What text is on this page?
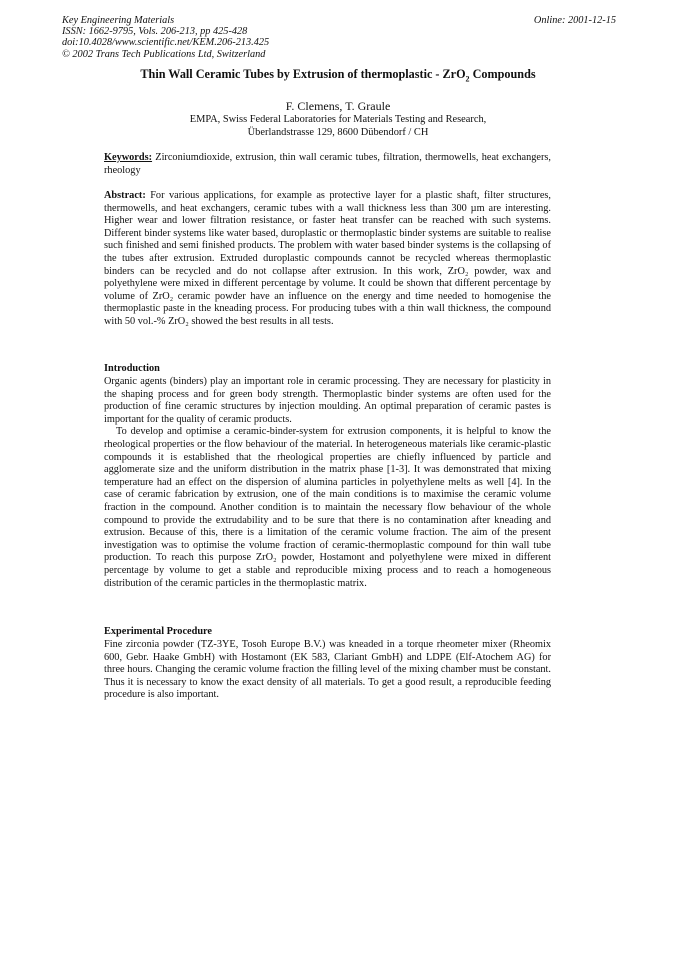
Key Engineering Materials
ISSN: 1662-9795, Vols. 206-213, pp 425-428
doi:10.4028/www.scientific.net/KEM.206-213.425
© 2002 Trans Tech Publications Ltd, Switzerland
Online: 2001-12-15
Thin Wall Ceramic Tubes by Extrusion of thermoplastic - ZrO$_2$ Compounds
F. Clemens, T. Graule
EMPA, Swiss Federal Laboratories for Materials Testing and Research,
Überlandstrasse 129, 8600 Dübendorf / CH
Keywords: Zirconiumdioxide, extrusion, thin wall ceramic tubes, filtration, thermowells, heat exchangers, rheology
Abstract: For various applications, for example as protective layer for a plastic shaft, filter structures, thermowells, and heat exchangers, ceramic tubes with a wall thickness less than 300 µm are interesting. Higher wear and lower filtration resistance, or faster heat transfer can be reached with such systems. Different binder systems like water based, duroplastic or thermoplastic binder systems are suitable to realise such finished and semi finished products. The problem with water based binder systems is the collapsing of the tubes after extrusion. Extruded duroplastic compounds cannot be recycled whereas thermoplastic binders can be recycled and do not collapse after extrusion. In this work, ZrO₂ powder, wax and polyethylene were mixed in different percentage by volume. It could be shown that different percentage by volume of ZrO₂ ceramic powder have an influence on the energy and time needed to homogenise the thermoplastic paste in the kneading process. For producing tubes with a thin wall thickness, the compound with 50 vol.-% ZrO₂ showed the best results in all tests.
Introduction

Organic agents (binders) play an important role in ceramic processing. They are necessary for plasticity in the shaping process and for green body strength. Thermoplastic binder systems are often used for the production of fine ceramic structures by injection moulding. An optimal preparation of ceramic pastes is important for the quality of ceramic products.

To develop and optimise a ceramic-binder-system for extrusion components, it is helpful to know the rheological properties or the flow behaviour of the material. In heterogeneous materials like ceramic-plastic compounds it is established that the rheological properties are chiefly influenced by particle and agglomerate size and the uniform distribution in the matrix phase [1-3]. It was demonstrated that mixing temperature had an effect on the dispersion of alumina particles in polyethylene melts as well [4]. In the case of ceramic fabrication by extrusion, one of the main conditions is to maximise the ceramic volume fraction in the compound. Another condition is to maintain the necessary flow behaviour of the whole compound to provide the extrudability and to be sure that there is no contamination after kneading and extrusion. Because of this, there is a limitation of the ceramic volume fraction. The aim of the present investigation was to optimise the volume fraction of ceramic-thermoplastic compound for thin wall tube production. To reach this purpose ZrO₂ powder, Hostamont and polyethylene were mixed in different percentage by volume to get a stable and reproducible mixing process and to reach a homogeneous distribution of the ceramic particles in the thermoplastic matrix.

Experimental Procedure

Fine zirconia powder (TZ-3YE, Tosoh Europe B.V.) was kneaded in a torque rheometer mixer (Rheomix 600, Gebr. Haake GmbH) with Hostamont (EK 583, Clariant GmbH) and LDPE (Elf-Atochem AG) for three hours. Changing the ceramic volume fraction the filling level of the mixing chamber must be constant. Thus it is necessary to know the exact density of all materials. To get a good result, a reproducible feeding procedure is also important.
